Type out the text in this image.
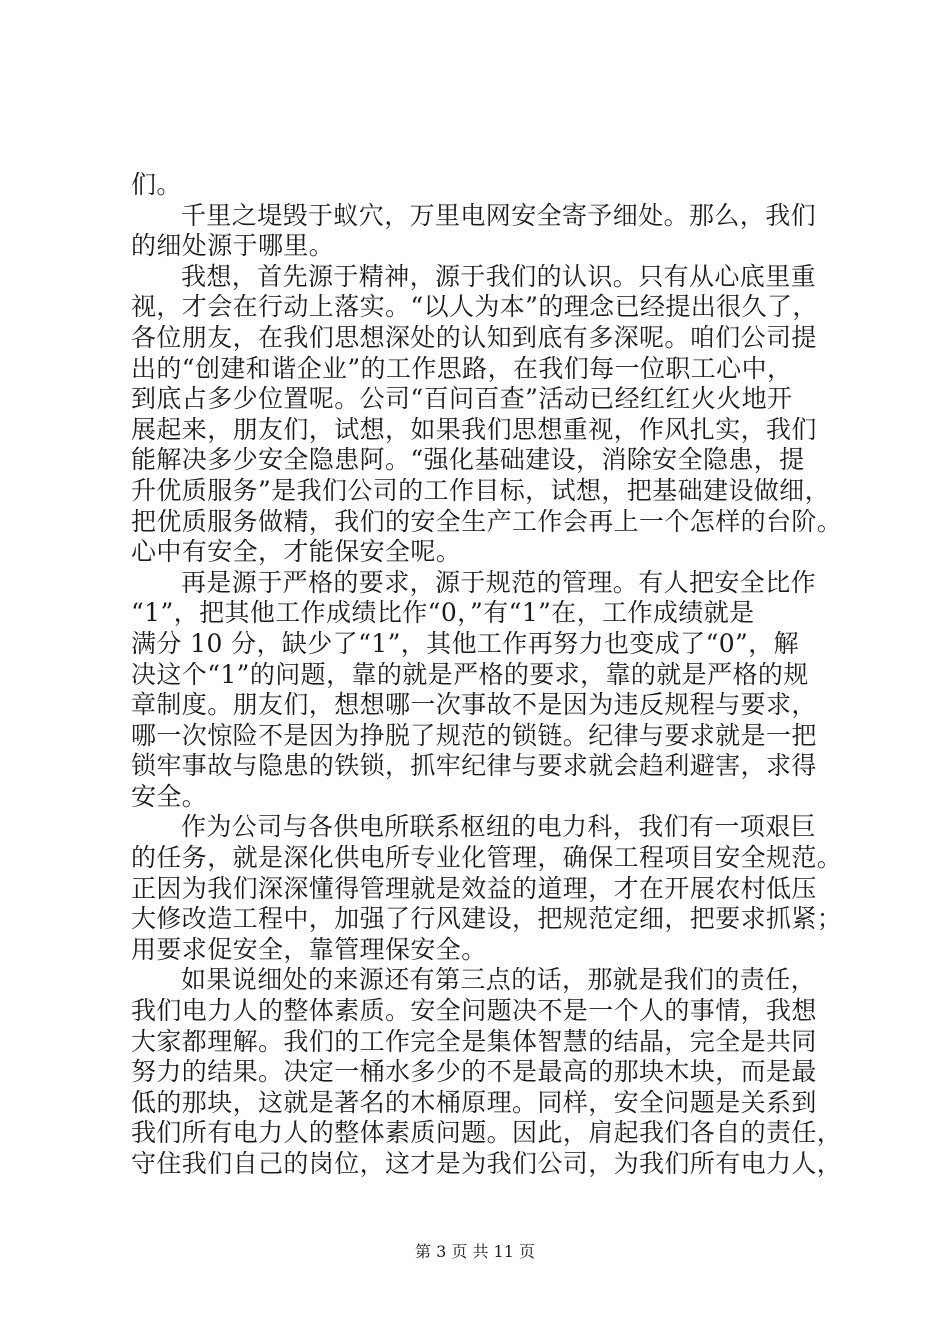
们。
千里之堤毁于蚁穴，万里电网安全寄予细处。那么，我们
的细处源于哪里。
我想，首先源于精神，源于我们的认识。只有从心底里重
视，才会在行动上落实。“以人为本”的理念已经提出很久了，
各位朋友，在我们思想深处的认知到底有多深呢。咱们公司提
出的“创建和谐企业”的工作思路，在我们每一位职工心中，
到底占多少位置呢。公司“百问百查”活动已经红红火火地开
展起来，朋友们，试想，如果我们思想重视，作风扎实，我们
能解决多少安全隐患阿。“强化基础建设，消除安全隐患，提
升优质服务”是我们公司的工作目标，试想，把基础建设做细，
把优质服务做精，我们的安全生产工作会再上一个怎样的台阶。
心中有安全，才能保安全呢。
再是源于严格的要求，源于规范的管理。有人把安全比作
“1”，把其他工作成绩比作“0，”有“1”在，工作成绩就是
满分 10 分，缺少了“1”，其他工作再努力也变成了“0”，解
决这个“1”的问题，靠的就是严格的要求，靠的就是严格的规
章制度。朋友们，想想哪一次事故不是因为违反规程与要求，
哪一次惊险不是因为挣脱了规范的锁链。纪律与要求就是一把
锁牢事故与隐患的铁锁，抓牢纪律与要求就会趋利避害，求得
安全。
作为公司与各供电所联系枢纽的电力科，我们有一项艰巨
的任务，就是深化供电所专业化管理，确保工程项目安全规范。
正因为我们深深懂得管理就是效益的道理，才在开展农村低压
大修改造工程中，加强了行风建设，把规范定细，把要求抓紧；
用要求促安全，靠管理保安全。
如果说细处的来源还有第三点的话，那就是我们的责任，
我们电力人的整体素质。安全问题决不是一个人的事情，我想
大家都理解。我们的工作完全是集体智慧的结晶，完全是共同
努力的结果。决定一桶水多少的不是最高的那块木块，而是最
低的那块，这就是著名的木桶原理。同样，安全问题是关系到
我们所有电力人的整体素质问题。因此，肩起我们各自的责任，
守住我们自己的岗位，这才是为我们公司，为我们所有电力人，
第 3 页 共 11 页
